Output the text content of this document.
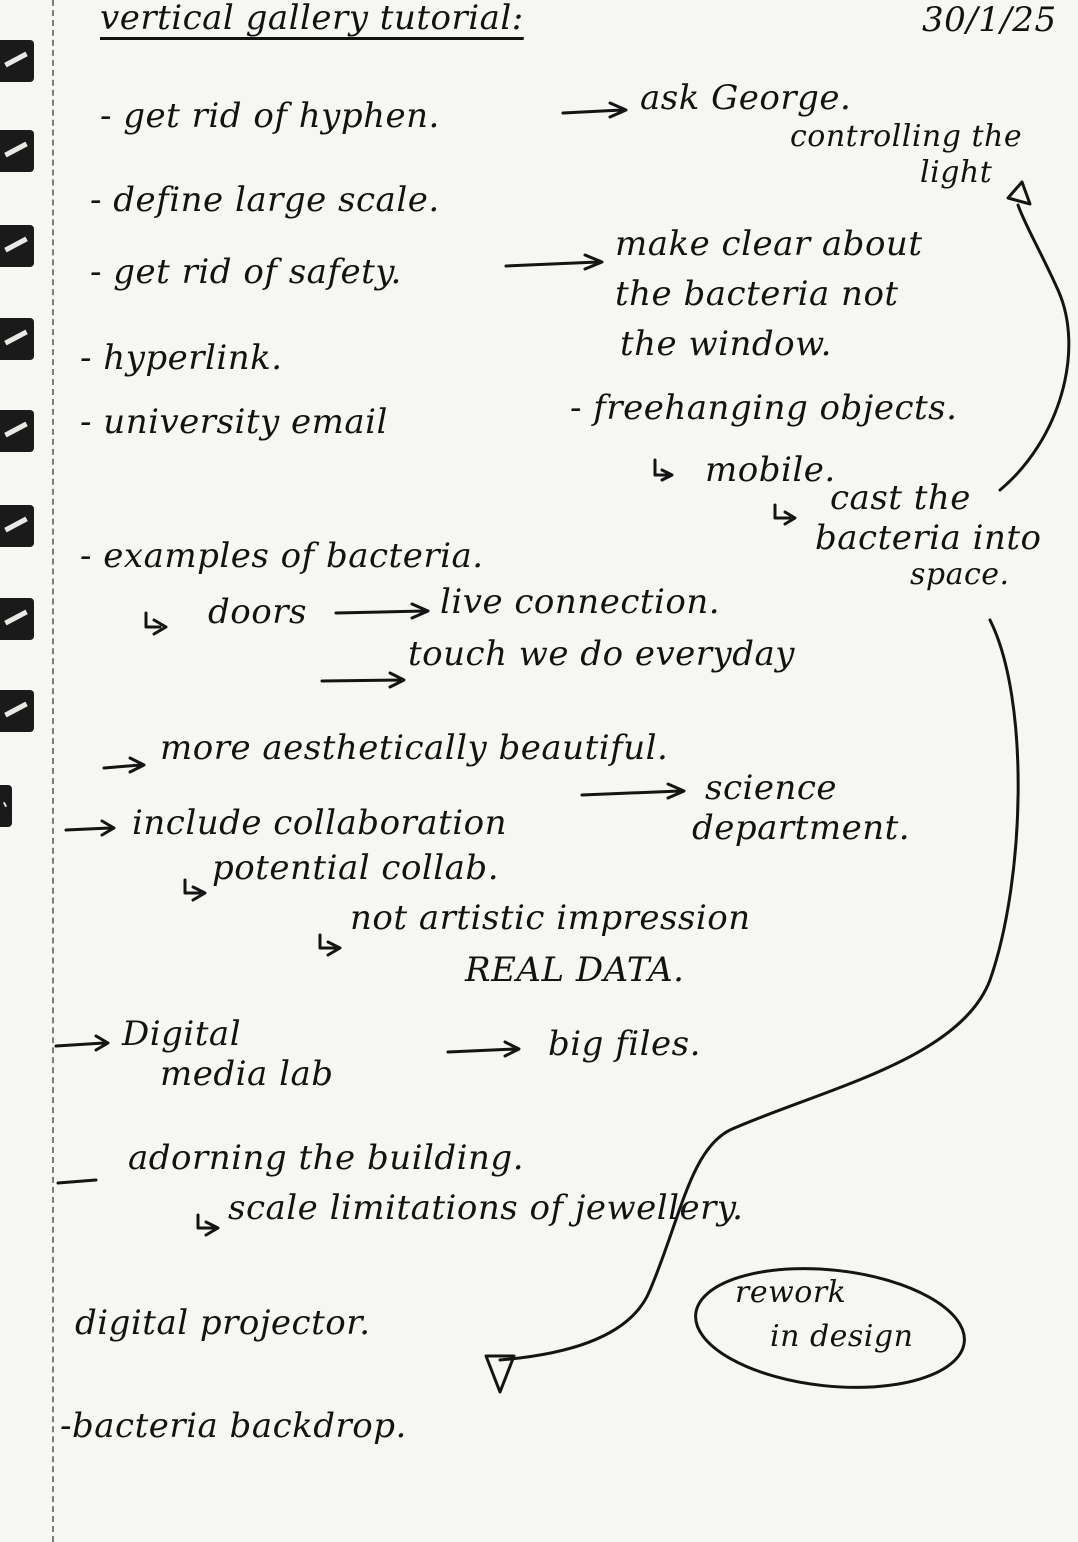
vertical gallery tutorial:	30/1/25

- get rid of hyphen.

- define large scale.

- get rid of safety.

- hyperlink.

- university email

ask George.

controlling the

light

make clear about

the bacteria not

the window.

- freehanging objects.

mobile.

cast the

bacteria into

space.

- examples of bacteria.

doors	live connection.

touch we do everyday

more aesthetically beautiful.

include collaboration

science

department.

potential collab.

not artistic impression

REAL DATA.

Digital

media lab

big files.

adorning the building.

scale limitations of jewellery.

digital projector.

rework

in design

-bacteria backdrop.
